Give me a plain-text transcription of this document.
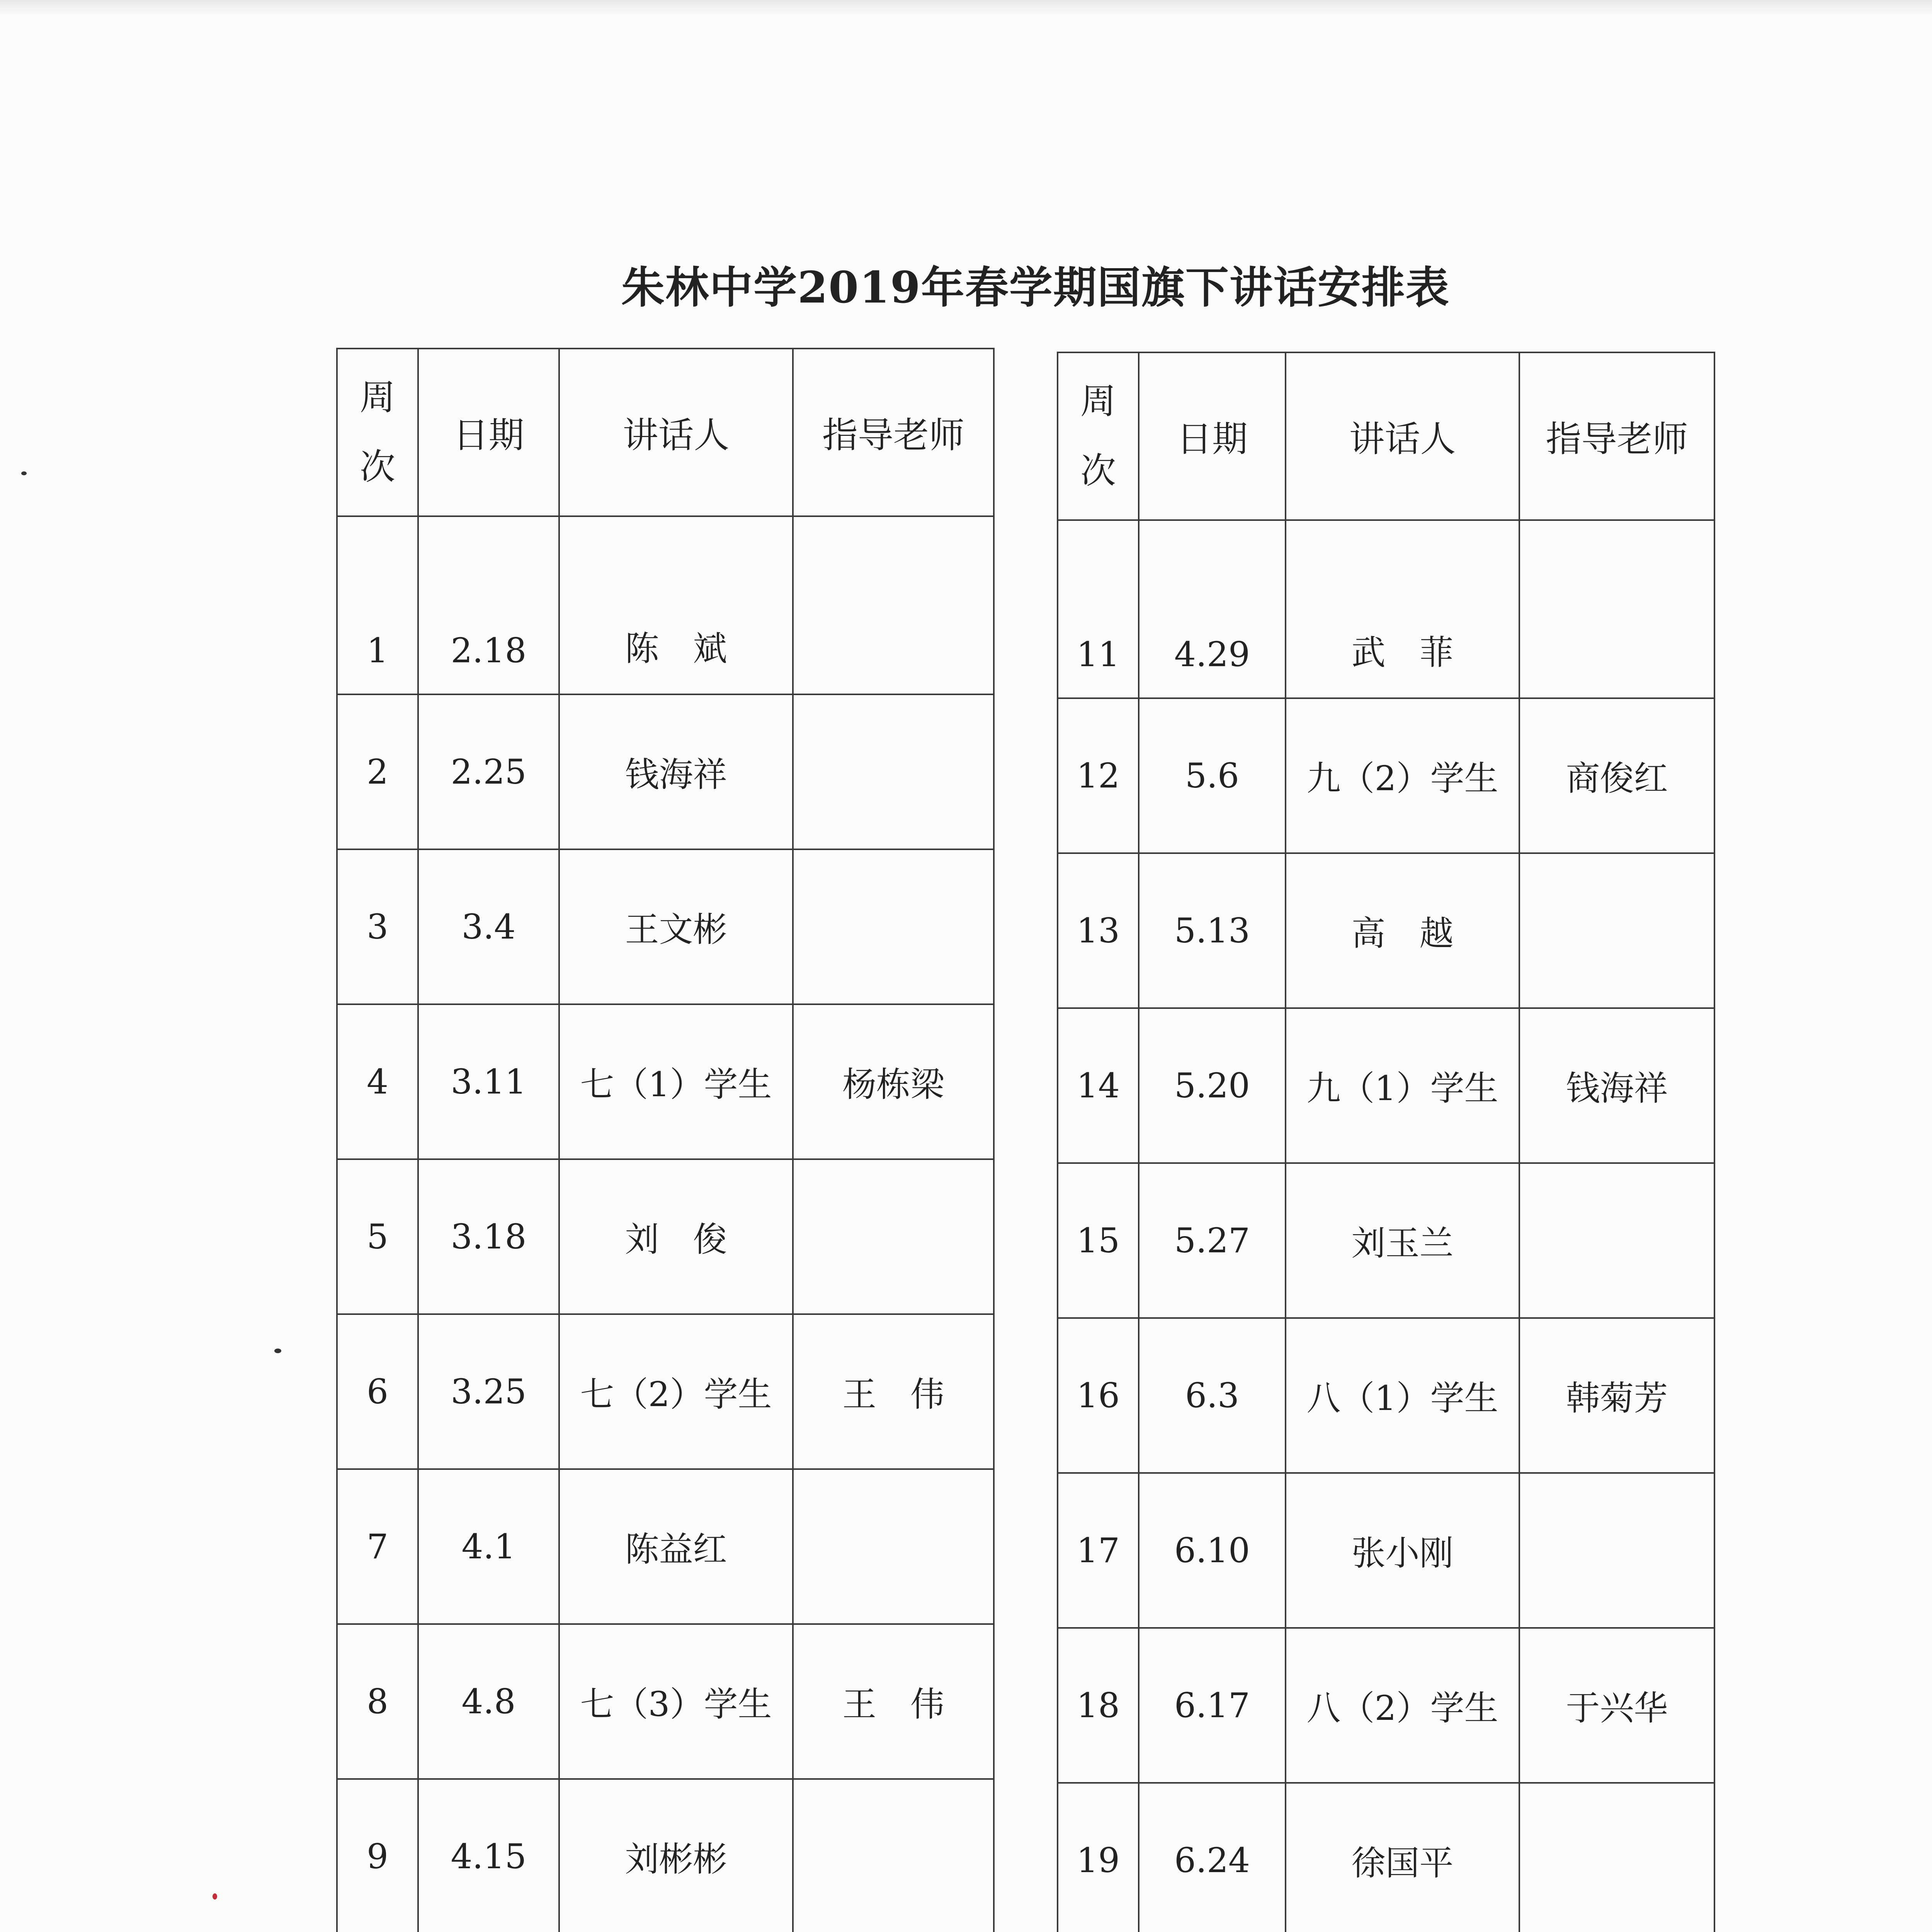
朱林中学2019年春学期国旗下讲话安排表
周
次	日期	讲话人	指导老师
1	2.18	陈　斌	
2	2.25	钱海祥	
3	3.4	王文彬	
4	3.11	七（1）学生	杨栋梁
5	3.18	刘　俊	
6	3.25	七（2）学生	王　伟
7	4.1	陈益红	
8	4.8	七（3）学生	王　伟
9	4.15	刘彬彬	

周
次	日期	讲话人	指导老师
11	4.29	武　菲	
12	5.6	九（2）学生	商俊红
13	5.13	高　越	
14	5.20	九（1）学生	钱海祥
15	5.27	刘玉兰	
16	6.3	八（1）学生	韩菊芳
17	6.10	张小刚	
18	6.17	八（2）学生	于兴华
19	6.24	徐国平	
